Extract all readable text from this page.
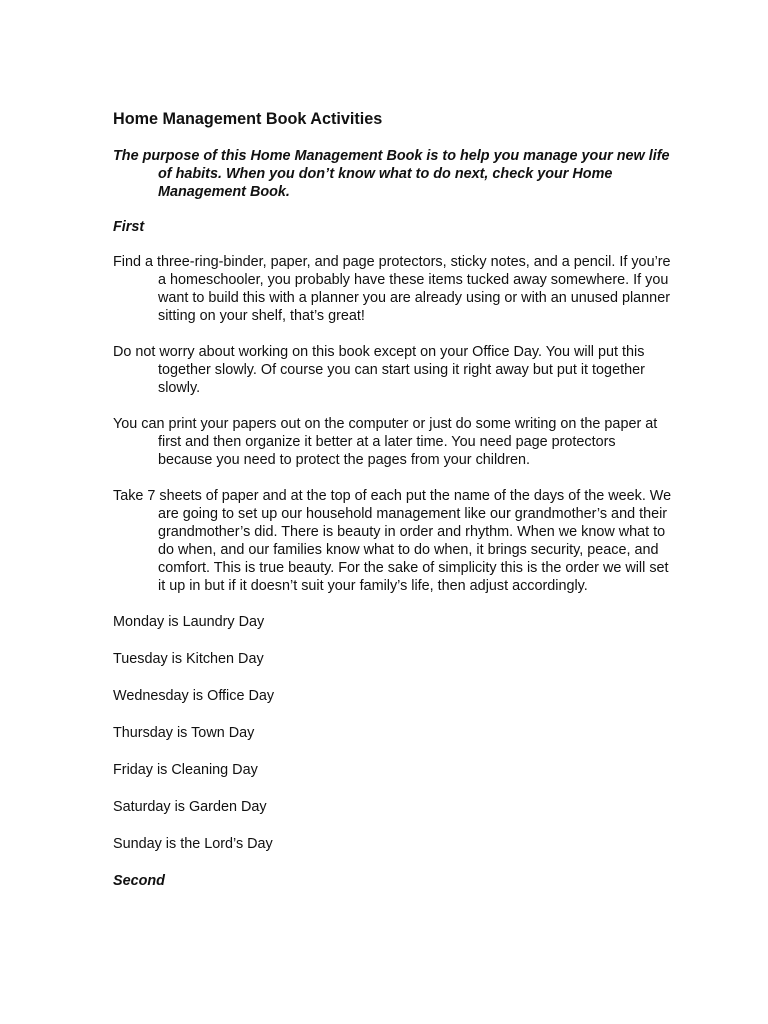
Home Management Book Activities
The purpose of this Home Management Book is to help you manage your new life of habits. When you don’t know what to do next, check your Home Management Book.
First
Find a three-ring-binder, paper, and page protectors, sticky notes, and a pencil. If you’re a homeschooler, you probably have these items tucked away somewhere. If you want to build this with a planner you are already using or with an unused planner sitting on your shelf, that’s great!
Do not worry about working on this book except on your Office Day. You will put this together slowly. Of course you can start using it right away but put it together slowly.
You can print your papers out on the computer or just do some writing on the paper at first and then organize it better at a later time. You need page protectors because you need to protect the pages from your children.
Take 7 sheets of paper and at the top of each put the name of the days of the week. We are going to set up our household management like our grandmother’s and their grandmother’s did. There is beauty in order and rhythm. When we know what to do when, and our families know what to do when, it brings security, peace, and comfort. This is true beauty. For the sake of simplicity this is the order we will set it up in but if it doesn’t suit your family’s life, then adjust accordingly.
Monday is Laundry Day
Tuesday is Kitchen Day
Wednesday is Office Day
Thursday is Town Day
Friday is Cleaning Day
Saturday is Garden Day
Sunday is the Lord’s Day
Second
